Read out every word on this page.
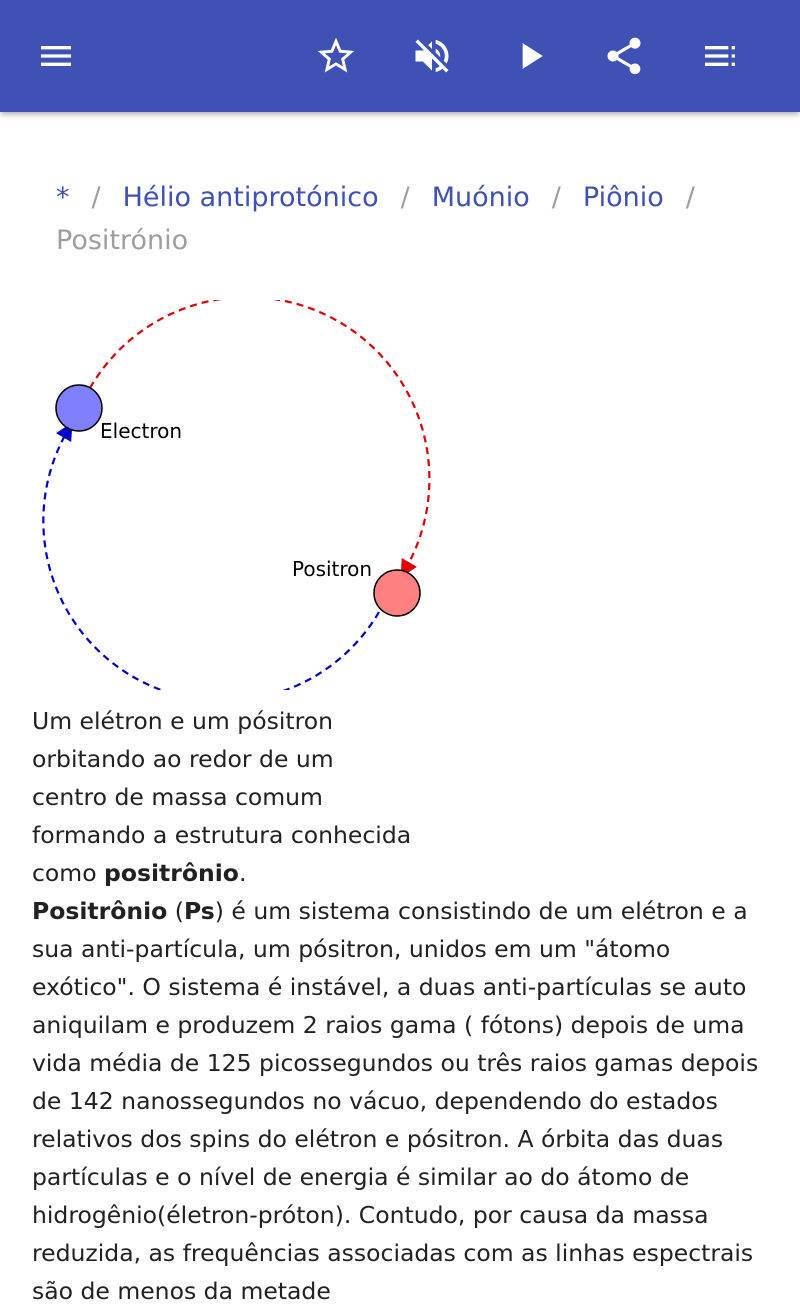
* / Hélio antiprotónico / Muónio / Piônio /
Positrónio
Electron
Positron
Um elétron e um pósitron orbitando ao redor de um centro de massa comum formando a estrutura conhecida como positrônio.
Positrônio (Ps) é um sistema consistindo de um elétron e a sua anti-partícula, um pósitron, unidos em um "átomo exótico". O sistema é instável, a duas anti-partículas se auto aniquilam e produzem 2 raios gama ( fótons) depois de uma vida média de 125 picossegundos ou três raios gamas depois de 142 nanossegundos no vácuo, dependendo do estados relativos dos spins do elétron e pósitron. A órbita das duas partículas e o nível de energia é similar ao do átomo de hidrogênio(életron-próton). Contudo, por causa da massa reduzida, as frequências associadas com as linhas espectrais são de menos da metade
